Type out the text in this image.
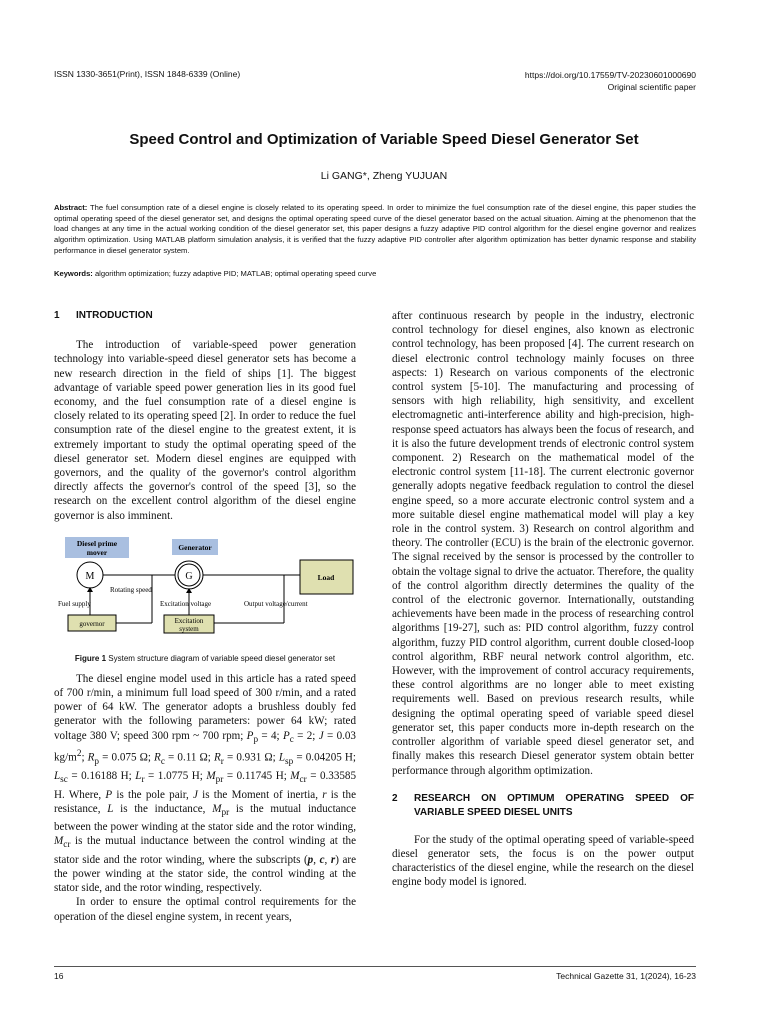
ISSN 1330-3651(Print), ISSN 1848-6339 (Online)	https://doi.org/10.17559/TV-20230601000690
Original scientific paper
Speed Control and Optimization of Variable Speed Diesel Generator Set
Li GANG*, Zheng YUJUAN
Abstract: The fuel consumption rate of a diesel engine is closely related to its operating speed. In order to minimize the fuel consumption rate of the diesel engine, this paper studies the optimal operating speed of the diesel generator set, and designs the optimal operating speed curve of the diesel generator based on the actual situation. Aiming at the phenomenon that the load changes at any time in the actual working condition of the diesel generator set, this paper designs a fuzzy adaptive PID control algorithm for the diesel engine governor and realizes algorithm optimization. Using MATLAB platform simulation analysis, it is verified that the fuzzy adaptive PID controller after algorithm optimization has better dynamic response and stability performance in diesel generator system.
Keywords: algorithm optimization; fuzzy adaptive PID; MATLAB; optimal operating speed curve
1	INTRODUCTION

The introduction of variable-speed power generation technology into variable-speed diesel generator sets has become a new research direction in the field of ships [1]. The biggest advantage of variable speed power generation lies in its good fuel economy, and the fuel consumption rate of a diesel engine is closely related to its operating speed [2]. In order to reduce the fuel consumption rate of the diesel engine to the greatest extent, it is extremely important to study the optimal operating speed of the diesel generator set. Modern diesel engines are equipped with governors, and the quality of the governor's control algorithm directly affects the governor's control of the speed [3], so the research on the excellent control algorithm of the diesel engine governor is also imminent.

Diesel prime
mover
Generator
M	G	Load
Rotating speed
Fuel supply
governor
Excitation voltage
Excitation
system
Output voltage/current
Figure 1 System structure diagram of variable speed diesel generator set

The diesel engine model used in this article has a rated speed of 700 r/min, a minimum full load speed of 300 r/min, and a rated power of 64 kW. The generator adopts a brushless doubly fed generator with the following parameters: power 64 kW; rated voltage 380 V; speed 300 rpm ~ 700 rpm; $P_p = 4$; $P_c = 2$; J = 0.03 $kg/m^2$; $R_p = 0.075$ Ω; $R_c = 0.11$ Ω; $R_r = 0.931$ Ω; $L_{sp} = 0.04205$ H; $L_{sc} = 0.16188$ H; $L_r = 1.0775$ H; $M_{pr} = 0.11745$ H; $M_{cr} = 0.33585$ H. Where, P is the pole pair, J is the Moment of inertia, r is the resistance, L is the inductance, $M_{pr}$ is the mutual inductance between the power winding at the stator side and the rotor winding, $M_{cr}$ is the mutual inductance between the control winding at the stator side and the rotor winding, where the subscripts (p, c, r) are the power winding at the stator side, the control winding at the stator side, and the rotor winding, respectively.

In order to ensure the optimal control requirements for the operation of the diesel engine system, in recent years,

after continuous research by people in the industry, electronic control technology for diesel engines, also known as electronic control technology, has been proposed [4]. The current research on diesel electronic control technology mainly focuses on three aspects: 1) Research on various components of the electronic control system [5-10]. The manufacturing and processing of sensors with high reliability, high sensitivity, and excellent electromagnetic anti-interference ability and high-precision, high-response speed actuators has always been the focus of research, and it is also the future development trends of electronic control system component. 2) Research on the mathematical model of the electronic control system [11-18]. The current electronic governor generally adopts negative feedback regulation to control the diesel engine speed, so a more accurate electronic control system and a more suitable diesel engine mathematical model will play a key role in the control system. 3) Research on control algorithm and theory. The controller (ECU) is the brain of the electronic governor. The signal received by the sensor is processed by the controller to obtain the voltage signal to drive the actuator. Therefore, the quality of the control algorithm directly determines the quality of the control of the electronic governor. Internationally, outstanding achievements have been made in the process of researching control algorithms [19-27], such as: PID control algorithm, fuzzy control algorithm, fuzzy PID control algorithm, current double closed-loop control algorithm, RBF neural network control algorithm, etc. However, with the improvement of control accuracy requirements, these control algorithms are no longer able to meet existing requirements well. Based on previous research results, while designing the optimal operating speed of variable speed diesel generator set, this paper conducts more in-depth research on the controller algorithm of variable speed diesel generator set, and finally makes this research Diesel generator system obtain better performance through algorithm optimization.

2	RESEARCH ON OPTIMUM OPERATING SPEED OF VARIABLE SPEED DIESEL UNITS

For the study of the optimal operating speed of variable-speed diesel generator sets, the focus is on the power output characteristics of the diesel engine, while the research on the diesel engine body model is ignored.

16	Technical Gazette 31, 1(2024), 16-23
